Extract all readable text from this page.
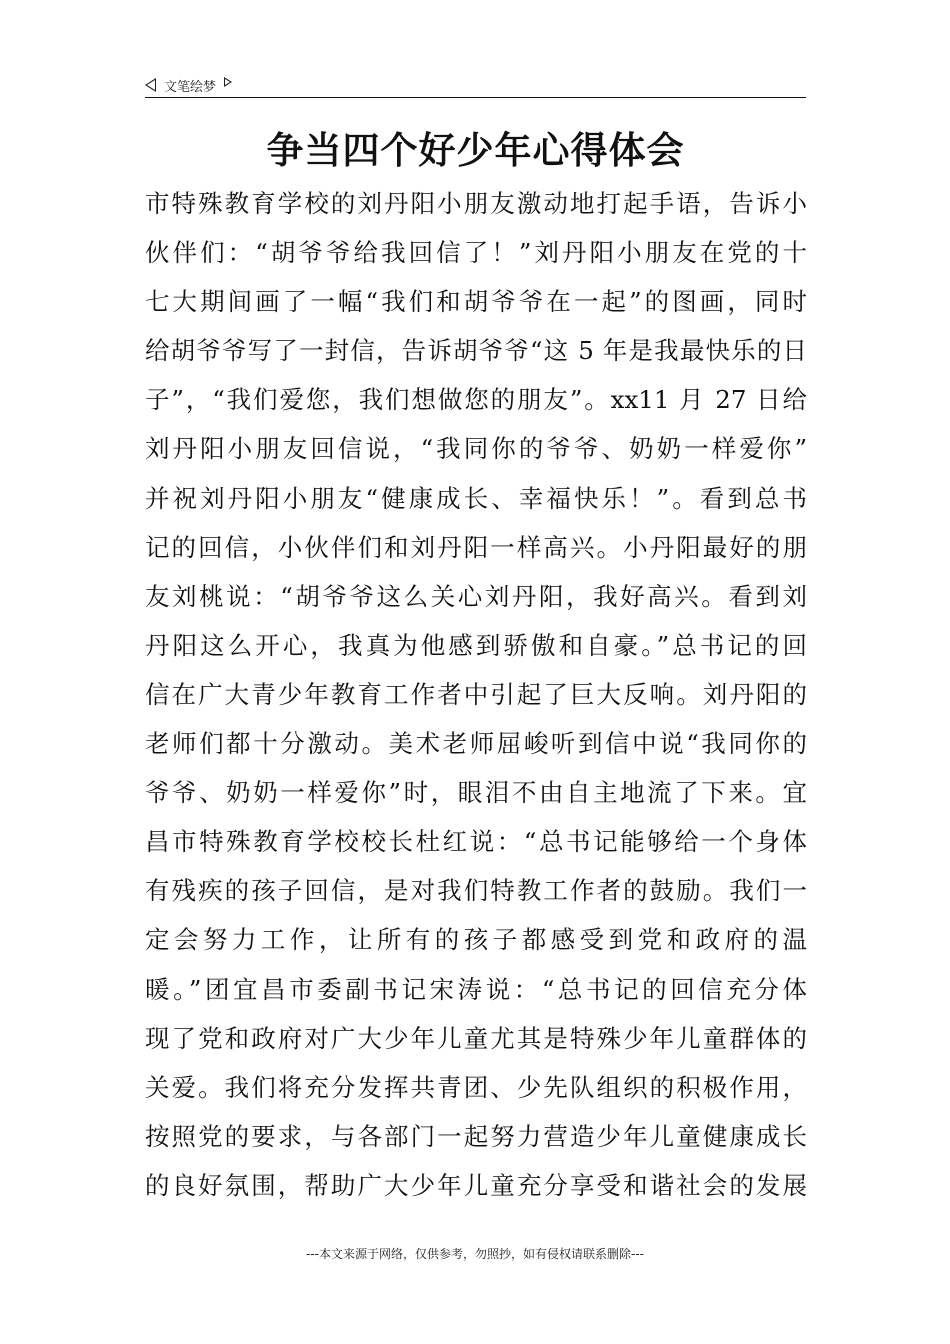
文笔绘梦
争当四个好少年心得体会
市特殊教育学校的刘丹阳小朋友激动地打起手语，告诉小
伙伴们：“胡爷爷给我回信了！”刘丹阳小朋友在党的十
七大期间画了一幅“我们和胡爷爷在一起”的图画，同时
给胡爷爷写了一封信，告诉胡爷爷“这 5 年是我最快乐的日
子”，“我们爱您，我们想做您的朋友”。xx11 月 27 日给
刘丹阳小朋友回信说，“我同你的爷爷、奶奶一样爱你”
并祝刘丹阳小朋友“健康成长、幸福快乐！”。看到总书
记的回信，小伙伴们和刘丹阳一样高兴。小丹阳最好的朋
友刘桃说：“胡爷爷这么关心刘丹阳，我好高兴。看到刘
丹阳这么开心，我真为他感到骄傲和自豪。”总书记的回
信在广大青少年教育工作者中引起了巨大反响。刘丹阳的
老师们都十分激动。美术老师屈峻听到信中说“我同你的
爷爷、奶奶一样爱你”时，眼泪不由自主地流了下来。宜
昌市特殊教育学校校长杜红说：“总书记能够给一个身体
有残疾的孩子回信，是对我们特教工作者的鼓励。我们一
定会努力工作，让所有的孩子都感受到党和政府的温
暖。”团宜昌市委副书记宋涛说：“总书记的回信充分体
现了党和政府对广大少年儿童尤其是特殊少年儿童群体的
关爱。我们将充分发挥共青团、少先队组织的积极作用，
按照党的要求，与各部门一起努力营造少年儿童健康成长
的良好氛围，帮助广大少年儿童充分享受和谐社会的发展
---本文来源于网络，仅供参考，勿照抄，如有侵权请联系删除---
